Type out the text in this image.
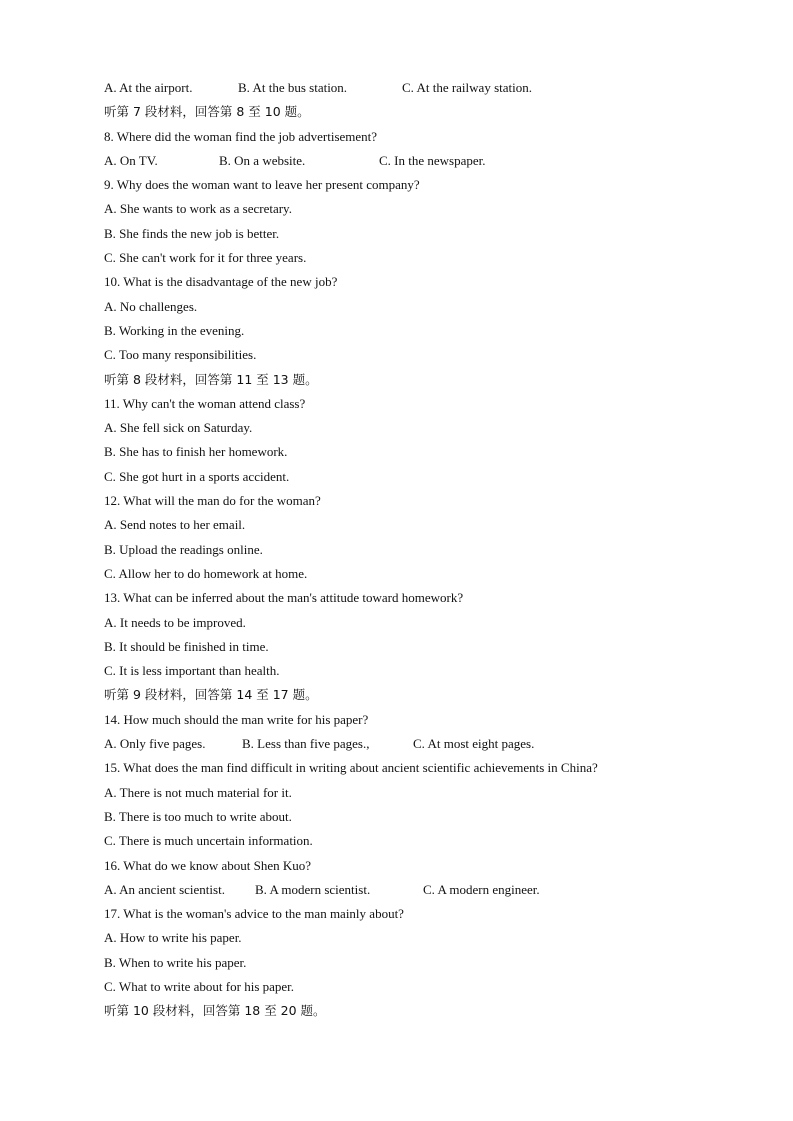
A. At the airport.	B. At the bus station.	C. At the railway station.
听第 7 段材料，回答第 8 至 10 题。
8. Where did the woman find the job advertisement?
A. On TV.	B. On a website.	C. In the newspaper.
9. Why does the woman want to leave her present company?
A. She wants to work as a secretary.
B. She finds the new job is better.
C. She can't work for it for three years.
10. What is the disadvantage of the new job?
A. No challenges.
B. Working in the evening.
C. Too many responsibilities.
听第 8 段材料，回答第 11 至 13 题。
11. Why can't the woman attend class?
A. She fell sick on Saturday.
B. She has to finish her homework.
C. She got hurt in a sports accident.
12. What will the man do for the woman?
A. Send notes to her email.
B. Upload the readings online.
C. Allow her to do homework at home.
13. What can be inferred about the man's attitude toward homework?
A. It needs to be improved.
B. It should be finished in time.
C. It is less important than health.
听第 9 段材料，回答第 14 至 17 题。
14. How much should the man write for his paper?
A. Only five pages.	B. Less than five pages.,	C. At most eight pages.
15. What does the man find difficult in writing about ancient scientific achievements in China?
A. There is not much material for it.
B. There is too much to write about.
C. There is much uncertain information.
16. What do we know about Shen Kuo?
A. An ancient scientist. B. A modern scientist.	C. A modern engineer.
17. What is the woman's advice to the man mainly about?
A. How to write his paper.
B. When to write his paper.
C. What to write about for his paper.
听第 10 段材料，回答第 18 至 20 题。
